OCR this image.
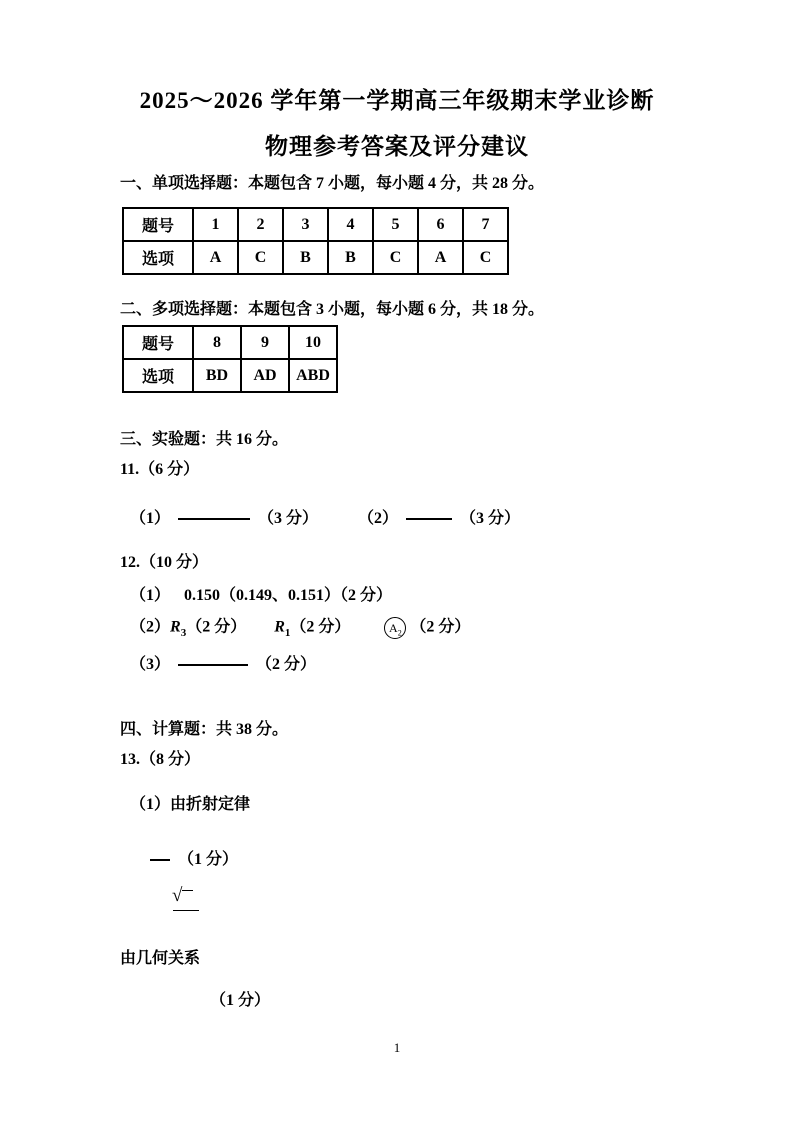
2025～2026 学年第一学期高三年级期末学业诊断
物理参考答案及评分建议
一、单项选择题：本题包含 7 小题，每小题 4 分，共 28 分。
题号	1	2	3	4	5	6	7
选项	A	C	B	B	C	A	C
二、多项选择题：本题包含 3 小题，每小题 6 分，共 18 分。
题号	8	9	10
选项	BD	AD	ABD
三、实验题：共 16 分。
11.（6 分）
（1）	（3 分）	（2）	（3 分）
12.（10 分）
（1） 0.150（0.149、0.151）（2 分）
$(2)R_3(2$ 分） $R_1(2$ 分）	$A_2$ （2 分）
（3）	（2 分）
四、计算题：共 38 分。
13.（8 分）
（1）由折射定律
（1 分）
√
由几何关系
（1 分）
1
